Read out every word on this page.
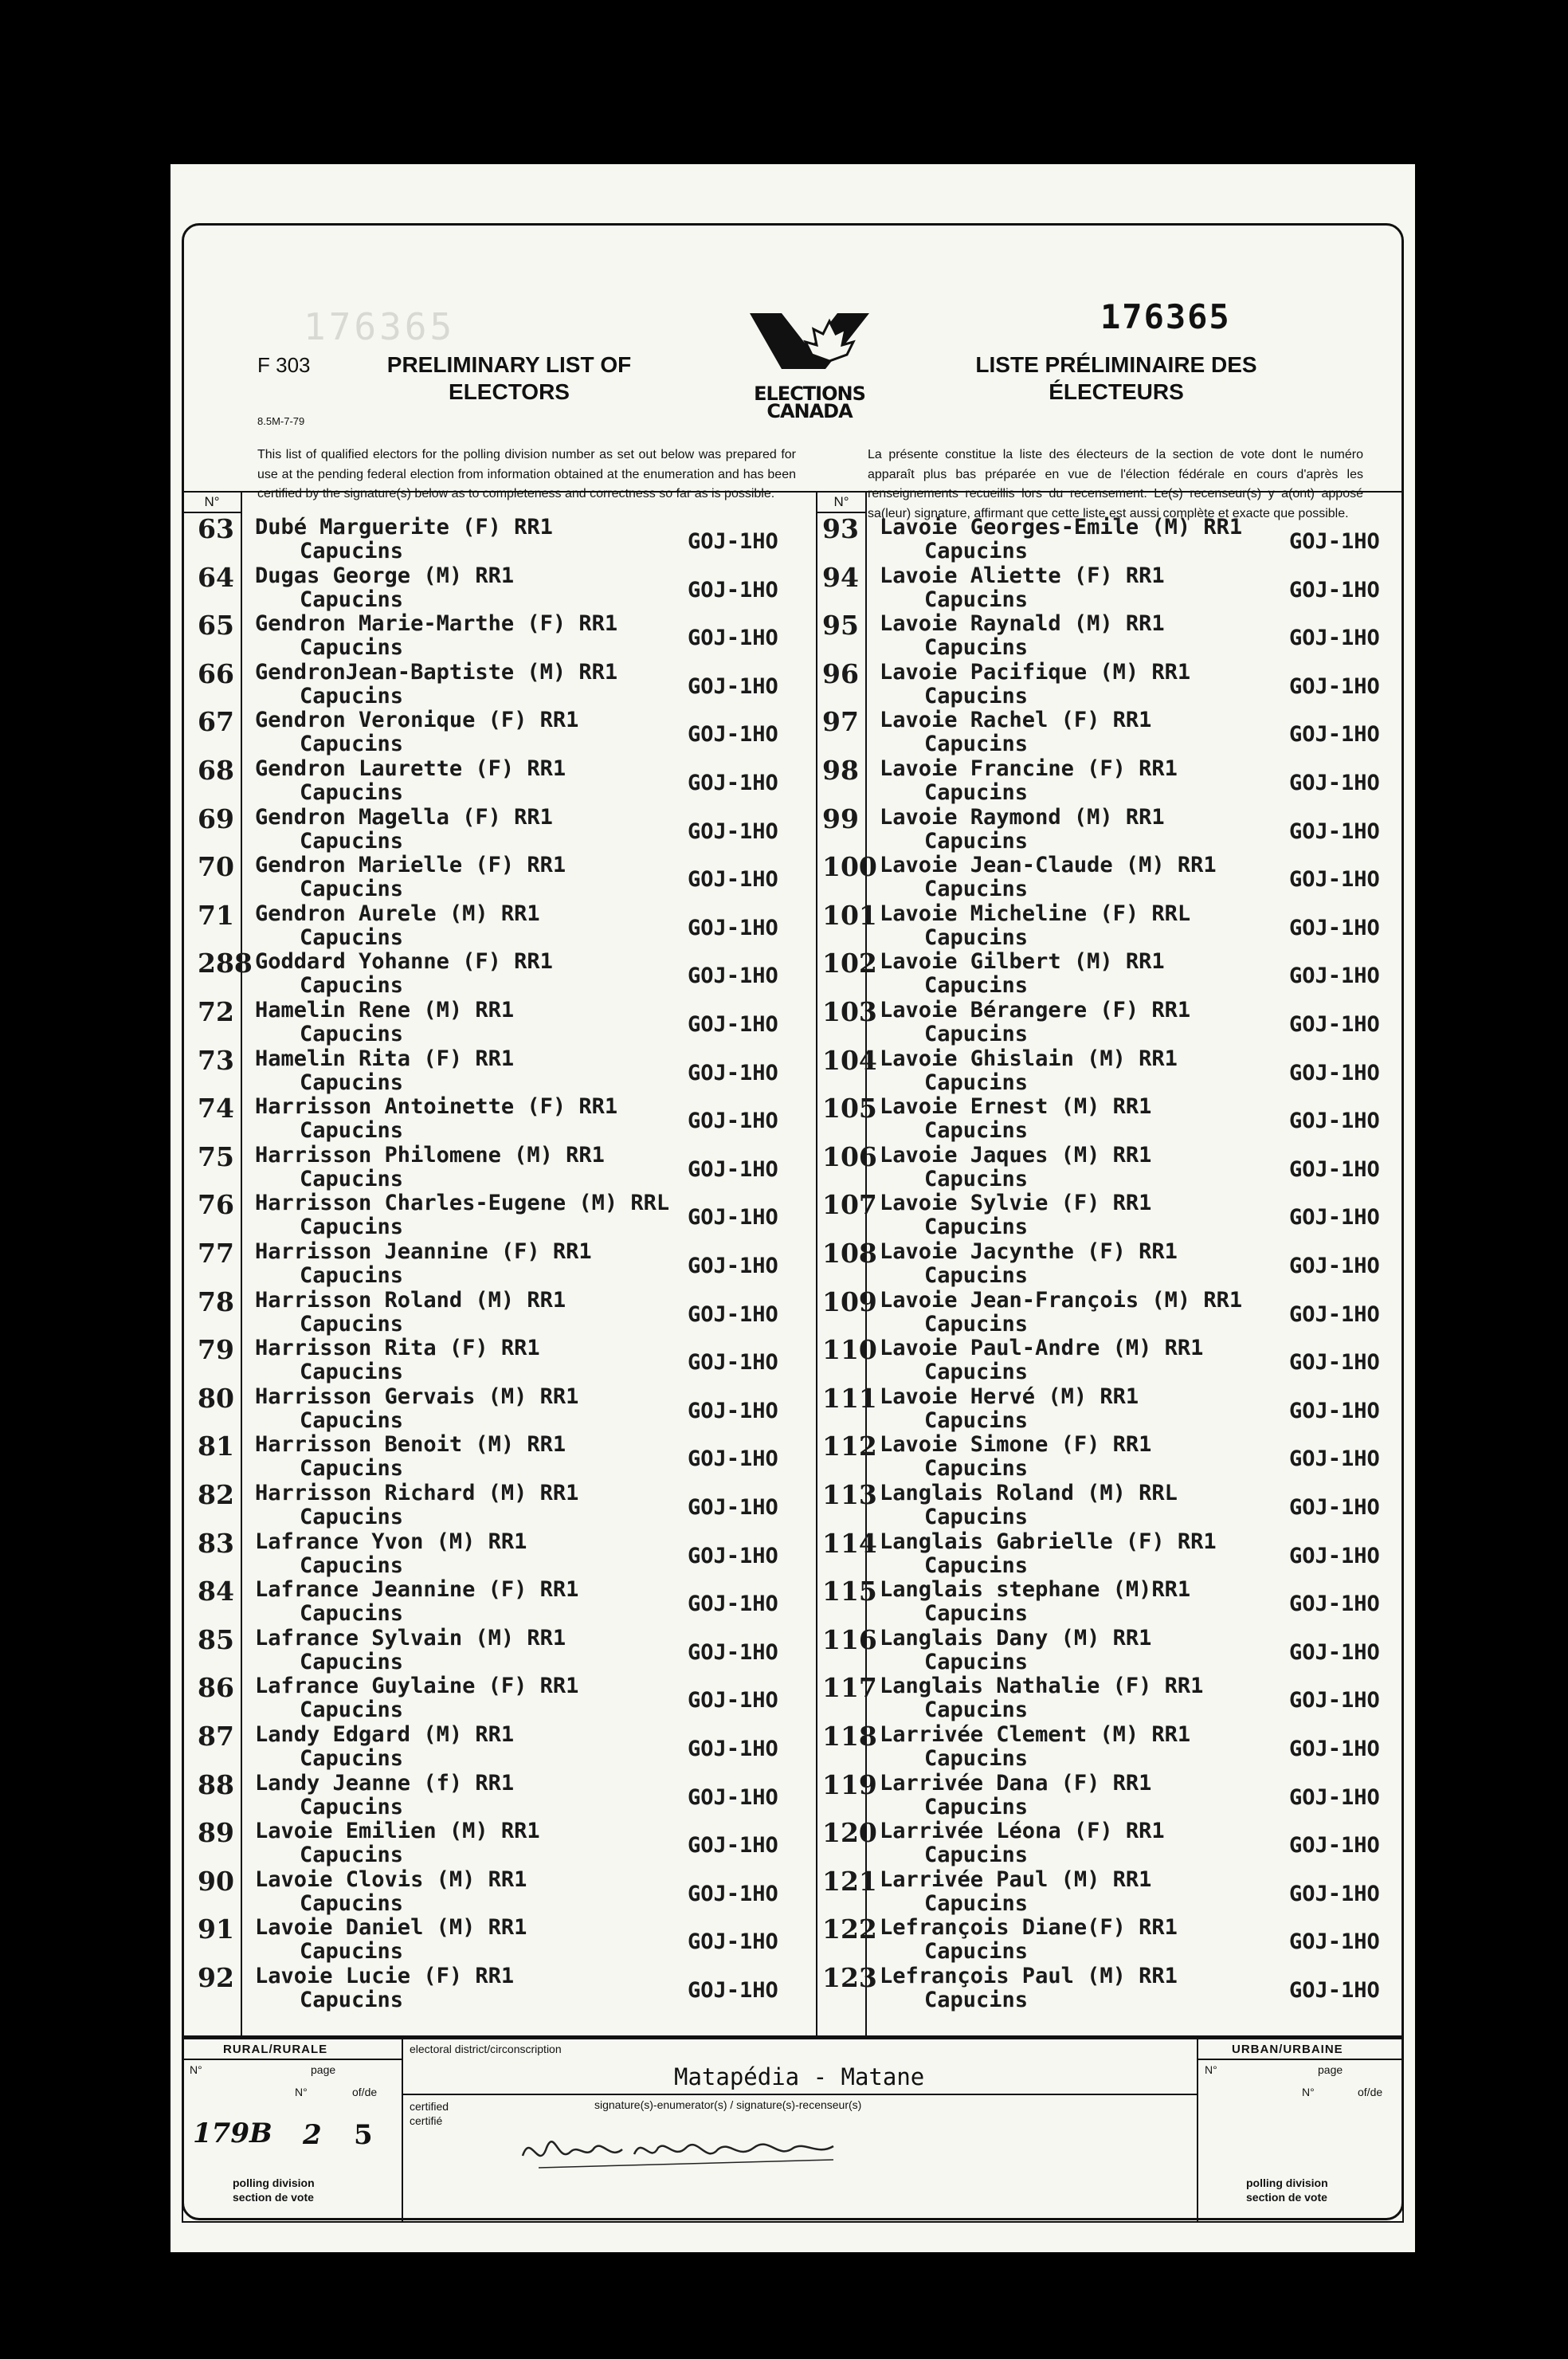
176365
F 303
8.5M-7-79
PRELIMINARY LIST OF
ELECTORS	ELECTIONS
CANADA
LISTE PRÉLIMINAIRE DES
ÉLECTEURS
176365
This list of qualified electors for the polling division number as set out below was prepared for use at the pending federal election from information obtained at the enumeration and has been certified by the signature(s) below as to completeness and correctness so far as is possible.
La présente constitue la liste des électeurs de la section de vote dont le numéro apparaît plus bas préparée en vue de l'élection fédérale en cours d'après les renseignements recueillis lors du recensement. Le(s) recenseur(s) y a(ont) apposé sa(leur) signature, affirmant que cette liste est aussi complète et exacte que possible.
N°	N°
63 Dubé Marguerite (F) RR1
Capucins	GOJ-1HO
64 Dugas George (M) RR1
Capucins	GOJ-1HO
65 Gendron Marie-Marthe (F) RR1
Capucins	GOJ-1HO
66 GendronJean-Baptiste (M) RR1
Capucins	GOJ-1HO
67 Gendron Veronique (F) RR1
Capucins	GOJ-1HO
68 Gendron Laurette (F) RR1
Capucins	GOJ-1HO
69 Gendron Magella (F) RR1
Capucins	GOJ-1HO
70 Gendron Marielle (F) RR1
Capucins	GOJ-1HO
71 Gendron Aurele (M) RR1
Capucins	GOJ-1HO
288 Goddard Yohanne (F) RR1
Capucins	GOJ-1HO
72 Hamelin Rene (M) RR1
Capucins	GOJ-1HO
73 Hamelin Rita (F) RR1
Capucins	GOJ-1HO
74 Harrisson Antoinette (F) RR1
Capucins	GOJ-1HO
75 Harrisson Philomene (M) RR1
Capucins	GOJ-1HO
76 Harrisson Charles-Eugene (M) RRL
Capucins	GOJ-1HO
77 Harrisson Jeannine (F) RR1
Capucins	GOJ-1HO
78 Harrisson Roland (M) RR1
Capucins	GOJ-1HO
79 Harrisson Rita (F) RR1
Capucins	GOJ-1HO
80 Harrisson Gervais (M) RR1
Capucins	GOJ-1HO
81 Harrisson Benoit (M) RR1
Capucins	GOJ-1HO
82 Harrisson Richard (M) RR1
Capucins	GOJ-1HO
83 Lafrance Yvon (M) RR1
Capucins	GOJ-1HO
84 Lafrance Jeannine (F) RR1
Capucins	GOJ-1HO
85 Lafrance Sylvain (M) RR1
Capucins	GOJ-1HO
86 Lafrance Guylaine (F) RR1
Capucins	GOJ-1HO
87 Landy Edgard (M) RR1
Capucins	GOJ-1HO
88 Landy Jeanne (f) RR1
Capucins	GOJ-1HO
89 Lavoie Emilien (M) RR1
Capucins	GOJ-1HO
90 Lavoie Clovis (M) RR1
Capucins	GOJ-1HO
91 Lavoie Daniel (M) RR1
Capucins	GOJ-1HO
92 Lavoie Lucie (F) RR1
Capucins	GOJ-1HO
93 Lavoie Georges-Emile (M) RR1
Capucins	GOJ-1HO
94 Lavoie Aliette (F) RR1
Capucins	GOJ-1HO
95 Lavoie Raynald (M) RR1
Capucins	GOJ-1HO
96 Lavoie Pacifique (M) RR1
Capucins	GOJ-1HO
97 Lavoie Rachel (F) RR1
Capucins	GOJ-1HO
98 Lavoie Francine (F) RR1
Capucins	GOJ-1HO
99 Lavoie Raymond (M) RR1
Capucins	GOJ-1HO
100 Lavoie Jean-Claude (M) RR1
Capucins	GOJ-1HO
101 Lavoie Micheline (F) RRL
Capucins	GOJ-1HO
102 Lavoie Gilbert (M) RR1
Capucins	GOJ-1HO
103 Lavoie Bérangere (F) RR1
Capucins	GOJ-1HO
104 Lavoie Ghislain (M) RR1
Capucins	GOJ-1HO
105 Lavoie Ernest (M) RR1
Capucins	GOJ-1HO
106 Lavoie Jaques (M) RR1
Capucins	GOJ-1HO
107 Lavoie Sylvie (F) RR1
Capucins	GOJ-1HO
108 Lavoie Jacynthe (F) RR1
Capucins	GOJ-1HO
109 Lavoie Jean-François (M) RR1
Capucins	GOJ-1HO
110 Lavoie Paul-Andre (M) RR1
Capucins	GOJ-1HO
111 Lavoie Hervé (M) RR1
Capucins	GOJ-1HO
112 Lavoie Simone (F) RR1
Capucins	GOJ-1HO
113 Langlais Roland (M) RRL
Capucins	GOJ-1HO
114 Langlais Gabrielle (F) RR1
Capucins	GOJ-1HO
115 Langlais stephane (M)RR1
Capucins	GOJ-1HO
116 Langlais Dany (M) RR1
Capucins	GOJ-1HO
117 Langlais Nathalie (F) RR1
Capucins	GOJ-1HO
118 Larrivée Clement (M) RR1
Capucins	GOJ-1HO
119 Larrivée Dana (F) RR1
Capucins	GOJ-1HO
120 Larrivée Léona (F) RR1
Capucins	GOJ-1HO
121 Larrivée Paul (M) RR1
Capucins	GOJ-1HO
122 Lefrançois Diane(F) RR1
Capucins	GOJ-1HO
123 Lefrançois Paul (M) RR1
Capucins	GOJ-1HO
RURAL/RURALE
N°	page
N°	of/de
179B 2 5
polling division
section de vote
electoral district/circonscription
Matapédia - Matane
certified
certifié
signature(s)-enumerator(s) / signature(s)-recenseur(s)
URBAN/URBAINE
N°	page
N°	of/de
polling division
section de vote
